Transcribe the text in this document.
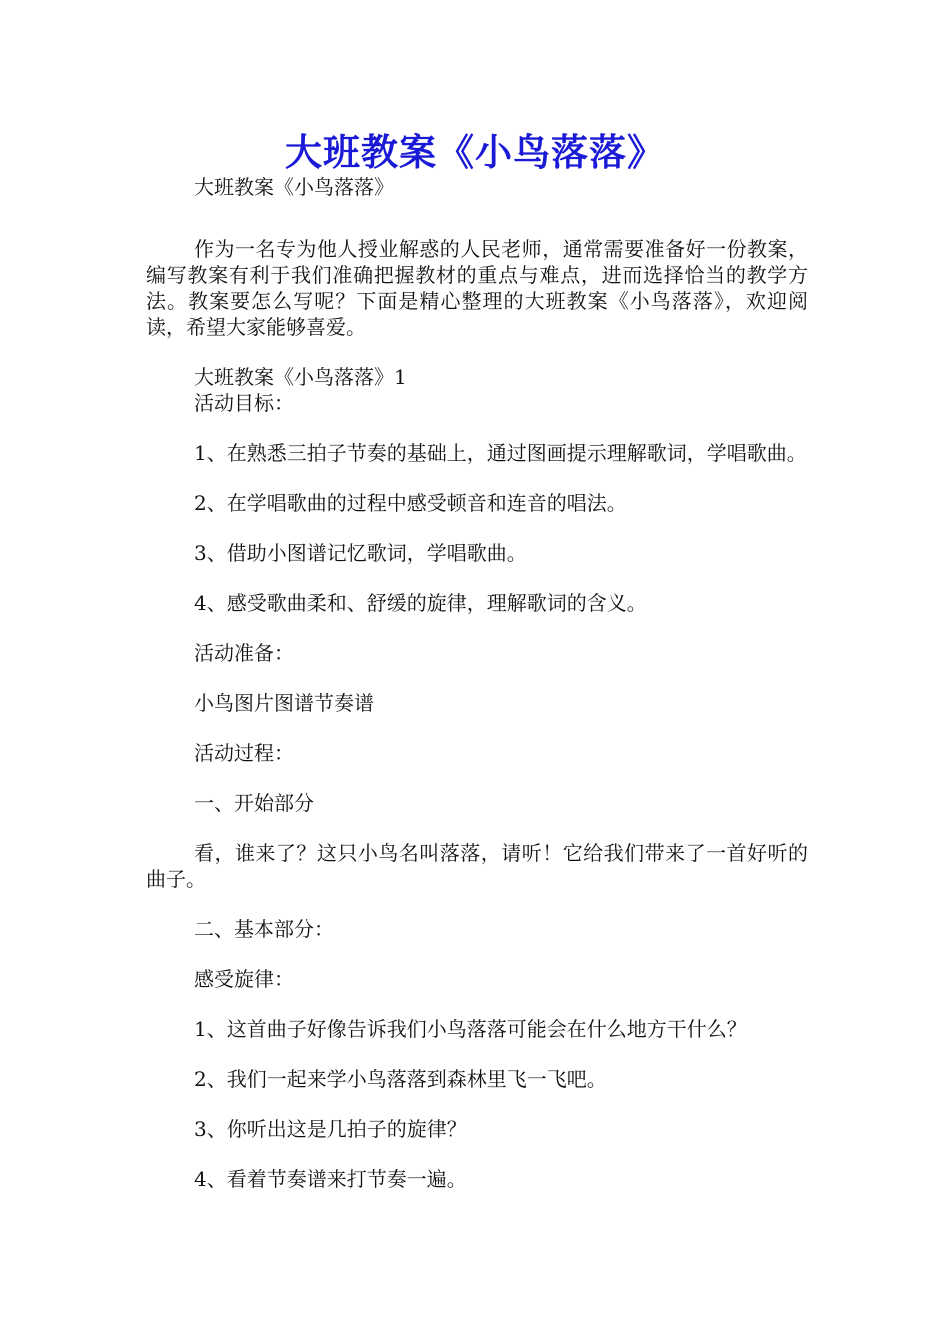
大班教案《小鸟落落》

大班教案《小鸟落落》

作为一名专为他人授业解惑的人民老师，通常需要准备好一份教案，编写教案有利于我们准确把握教材的重点与难点，进而选择恰当的教学方法。教案要怎么写呢？下面是精心整理的大班教案《小鸟落落》，欢迎阅读，希望大家能够喜爱。

大班教案《小鸟落落》1

活动目标：

1、在熟悉三拍子节奏的基础上，通过图画提示理解歌词，学唱歌曲。

2、在学唱歌曲的过程中感受顿音和连音的唱法。

3、借助小图谱记忆歌词，学唱歌曲。

4、感受歌曲柔和、舒缓的旋律，理解歌词的含义。

活动准备：

小鸟图片图谱节奏谱

活动过程：

一、开始部分

看，谁来了？这只小鸟名叫落落，请听！它给我们带来了一首好听的曲子。

二、基本部分：

感受旋律：

1、这首曲子好像告诉我们小鸟落落可能会在什么地方干什么？

2、我们一起来学小鸟落落到森林里飞一飞吧。

3、你听出这是几拍子的旋律？

4、看着节奏谱来打节奏一遍。
